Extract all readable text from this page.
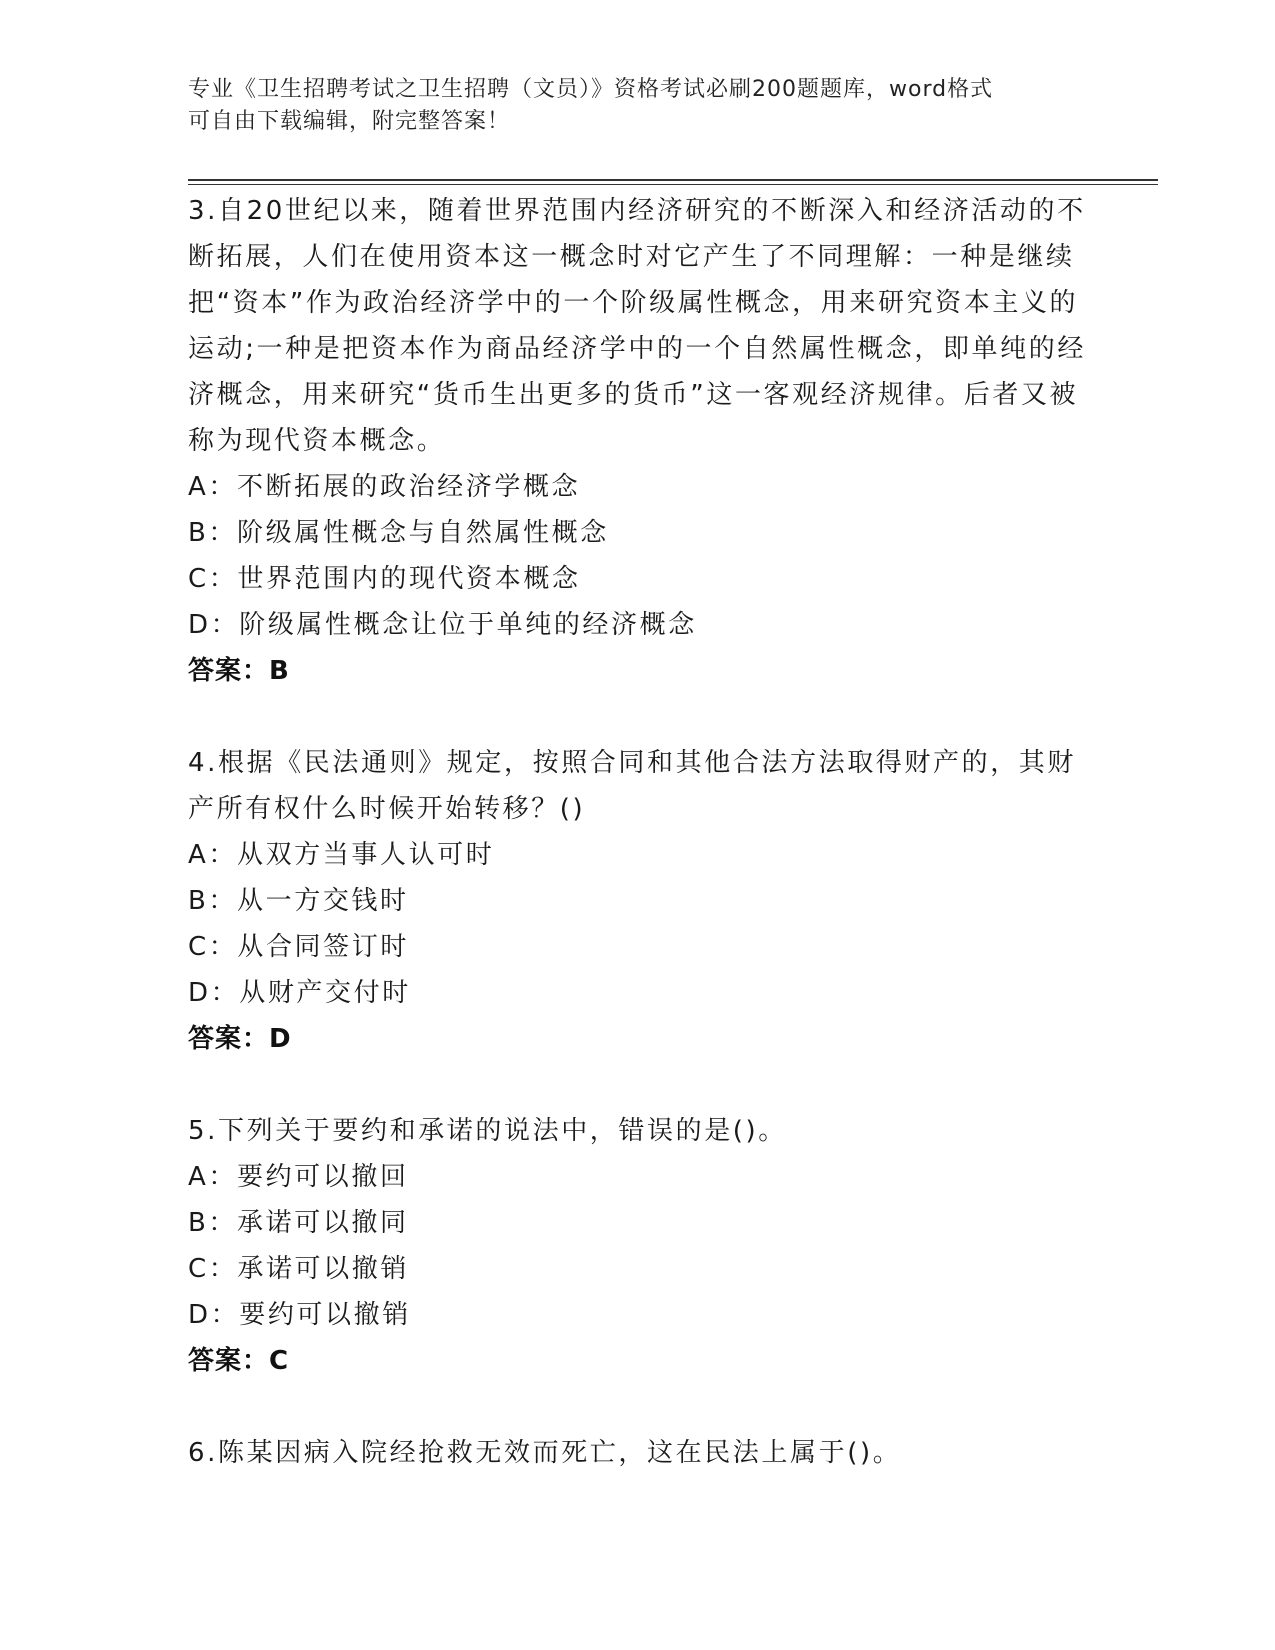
专业《卫生招聘考试之卫生招聘（文员）》资格考试必刷200题题库，word格式
可自由下载编辑，附完整答案！
3.自20世纪以来，随着世界范围内经济研究的不断深入和经济活动的不断拓展，人们在使用资本这一概念时对它产生了不同理解：一种是继续把“资本”作为政治经济学中的一个阶级属性概念，用来研究资本主义的运动;一种是把资本作为商品经济学中的一个自然属性概念，即单纯的经济概念，用来研究“货币生出更多的货币”这一客观经济规律。后者又被称为现代资本概念。
A：不断拓展的政治经济学概念
B：阶级属性概念与自然属性概念
C：世界范围内的现代资本概念
D：阶级属性概念让位于单纯的经济概念
答案：B
4.根据《民法通则》规定，按照合同和其他合法方法取得财产的，其财产所有权什么时候开始转移？()
A：从双方当事人认可时
B：从一方交钱时
C：从合同签订时
D：从财产交付时
答案：D
5.下列关于要约和承诺的说法中，错误的是()。
A：要约可以撤回
B：承诺可以撤同
C：承诺可以撤销
D：要约可以撤销
答案：C
6.陈某因病入院经抢救无效而死亡，这在民法上属于()。
